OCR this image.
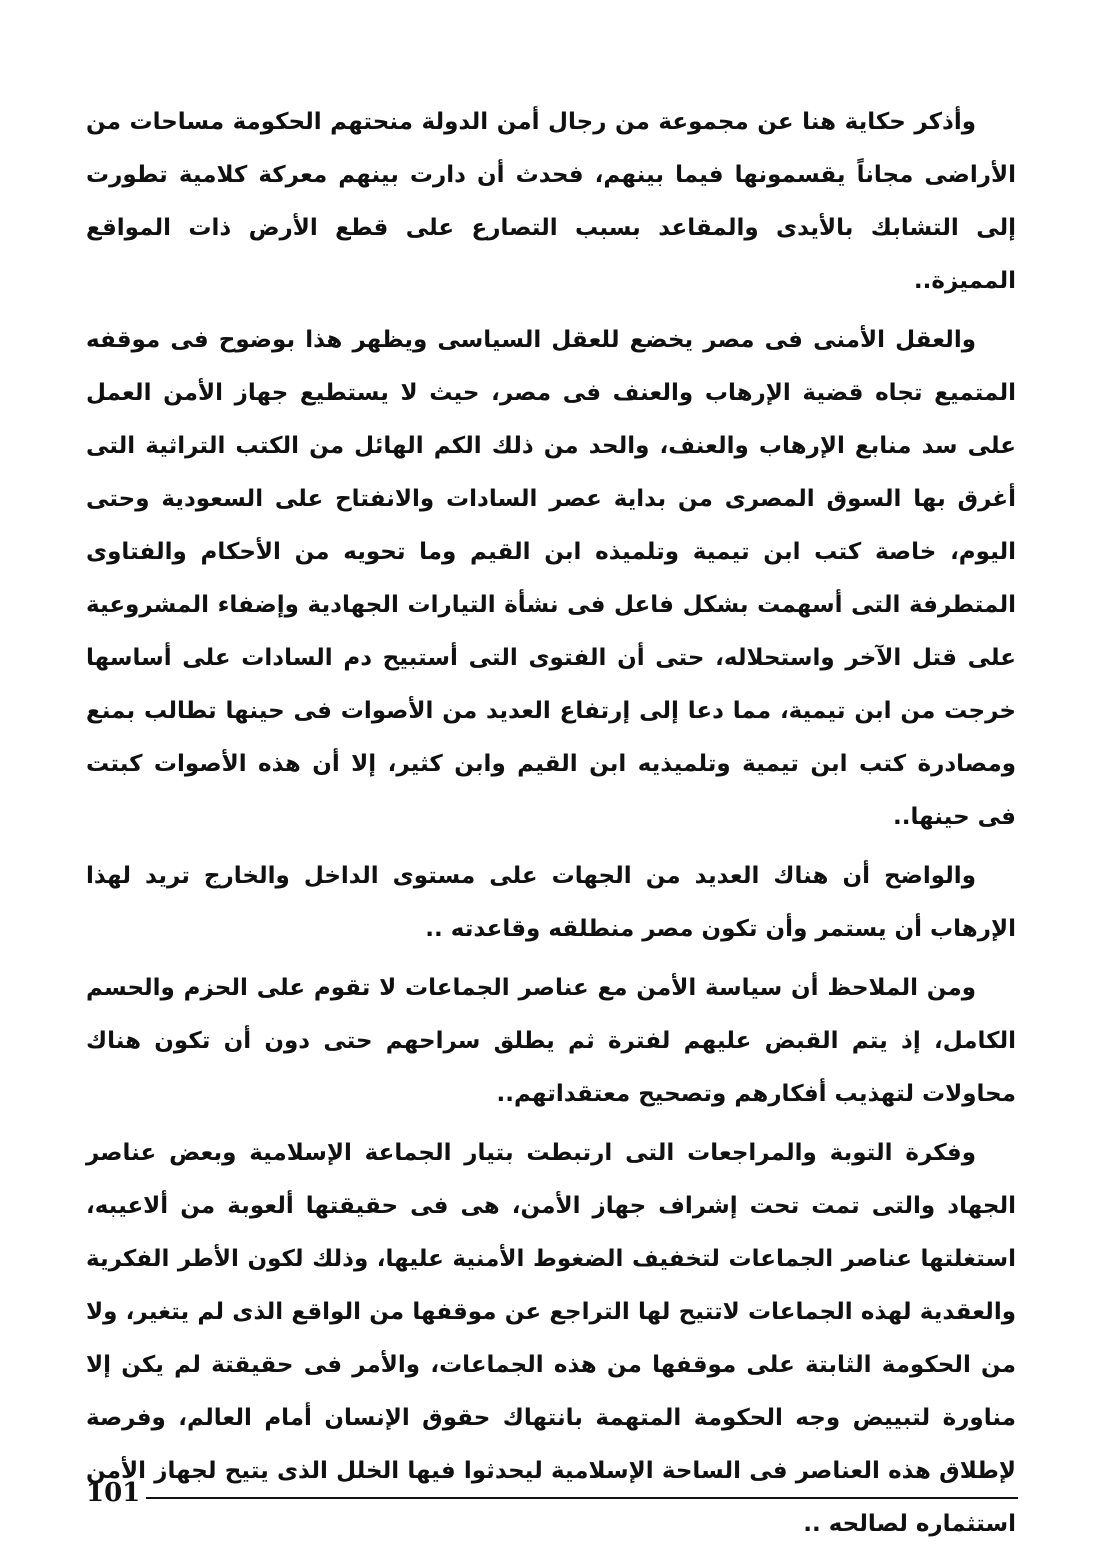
وأذكر حكاية هنا عن مجموعة من رجال أمن الدولة منحتهم الحكومة مساحات من الأراضى مجاناً يقسمونها فيما بينهم، فحدث أن دارت بينهم معركة كلامية تطورت إلى التشابك بالأيدى والمقاعد بسبب التصارع على قطع الأرض ذات المواقع المميزة..

والعقل الأمنى فى مصر يخضع للعقل السياسى ويظهر هذا بوضوح فى موقفه المتميع تجاه قضية الإرهاب والعنف فى مصر، حيث لا يستطيع جهاز الأمن العمل على سد منابع الإرهاب والعنف، والحد من ذلك الكم الهائل من الكتب التراثية التى أغرق بها السوق المصرى من بداية عصر السادات والانفتاح على السعودية وحتى اليوم، خاصة كتب ابن تيمية وتلميذه ابن القيم وما تحويه من الأحكام والفتاوى المتطرفة التى أسهمت بشكل فاعل فى نشأة التيارات الجهادية وإضفاء المشروعية على قتل الآخر واستحلاله، حتى أن الفتوى التى أستبيح دم السادات على أساسها خرجت من ابن تيمية، مما دعا إلى إرتفاع العديد من الأصوات فى حينها تطالب بمنع ومصادرة كتب ابن تيمية وتلميذيه ابن القيم وابن كثير، إلا أن هذه الأصوات كبتت فى حينها..

والواضح أن هناك العديد من الجهات على مستوى الداخل والخارج تريد لهذا الإرهاب أن يستمر وأن تكون مصر منطلقه وقاعدته ..

ومن الملاحظ أن سياسة الأمن مع عناصر الجماعات لا تقوم على الحزم والحسم الكامل، إذ يتم القبض عليهم لفترة ثم يطلق سراحهم حتى دون أن تكون هناك محاولات لتهذيب أفكارهم وتصحيح معتقداتهم..

وفكرة التوبة والمراجعات التى ارتبطت بتيار الجماعة الإسلامية وبعض عناصر الجهاد والتى تمت تحت إشراف جهاز الأمن، هى فى حقيقتها ألعوبة من ألاعيبه، استغلتها عناصر الجماعات لتخفيف الضغوط الأمنية عليها، وذلك لكون الأطر الفكرية والعقدية لهذه الجماعات لاتتيح لها التراجع عن موقفها من الواقع الذى لم يتغير، ولا من الحكومة الثابتة على موقفها من هذه الجماعات، والأمر فى حقيقتة لم يكن إلا مناورة لتبييض وجه الحكومة المتهمة بانتهاك حقوق الإنسان أمام العالم، وفرصة لإطلاق هذه العناصر فى الساحة الإسلامية ليحدثوا فيها الخلل الذى يتيح لجهاز الأمن استثماره لصالحه ..

101
